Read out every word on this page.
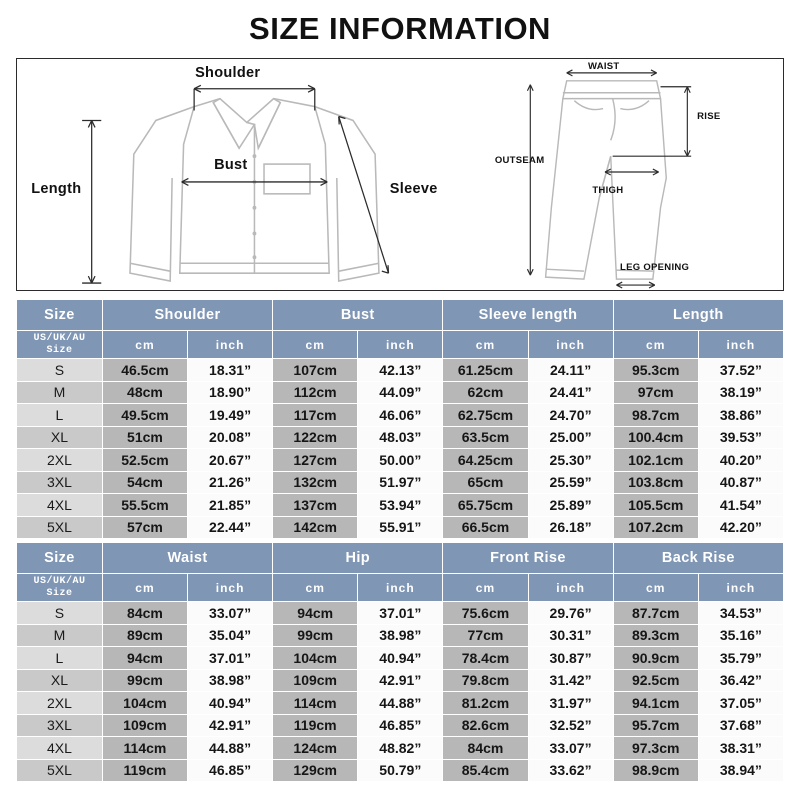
SIZE INFORMATION
Shoulder
Bust
Length	Sleeve
WAIST
RISE
OUTSEAM
THIGH
LEG OPENING
Size	Shoulder		Bust		Sleeve length		Length	

US/UK/AU
Size	cm	inch	cm	inch	cm	inch	cm	inch
S	46.5cm	18.31”	107cm	42.13”	61.25cm	24.11”	95.3cm	37.52”
M	48cm	18.90”	112cm	44.09”	62cm	24.41”	97cm	38.19”
L	49.5cm	19.49”	117cm	46.06”	62.75cm	24.70”	98.7cm	38.86”
XL	51cm	20.08”	122cm	48.03”	63.5cm	25.00”	100.4cm	39.53”
2XL	52.5cm	20.67”	127cm	50.00”	64.25cm	25.30”	102.1cm	40.20”
3XL	54cm	21.26”	132cm	51.97”	65cm	25.59”	103.8cm	40.87”
4XL	55.5cm	21.85”	137cm	53.94”	65.75cm	25.89”	105.5cm	41.54”
5XL	57cm	22.44”	142cm	55.91”	66.5cm	26.18”	107.2cm	42.20”
Size	Waist		Hip		Front Rise		Back Rise	

US/UK/AU
Size	cm	inch	cm	inch	cm	inch	cm	inch
S	84cm	33.07”	94cm	37.01”	75.6cm	29.76”	87.7cm	34.53”
M	89cm	35.04”	99cm	38.98”	77cm	30.31”	89.3cm	35.16”
L	94cm	37.01”	104cm	40.94”	78.4cm	30.87”	90.9cm	35.79”
XL	99cm	38.98”	109cm	42.91”	79.8cm	31.42”	92.5cm	36.42”
2XL	104cm	40.94”	114cm	44.88”	81.2cm	31.97”	94.1cm	37.05”
3XL	109cm	42.91”	119cm	46.85”	82.6cm	32.52”	95.7cm	37.68”
4XL	114cm	44.88”	124cm	48.82”	84cm	33.07”	97.3cm	38.31”
5XL	119cm	46.85”	129cm	50.79”	85.4cm	33.62”	98.9cm	38.94”
